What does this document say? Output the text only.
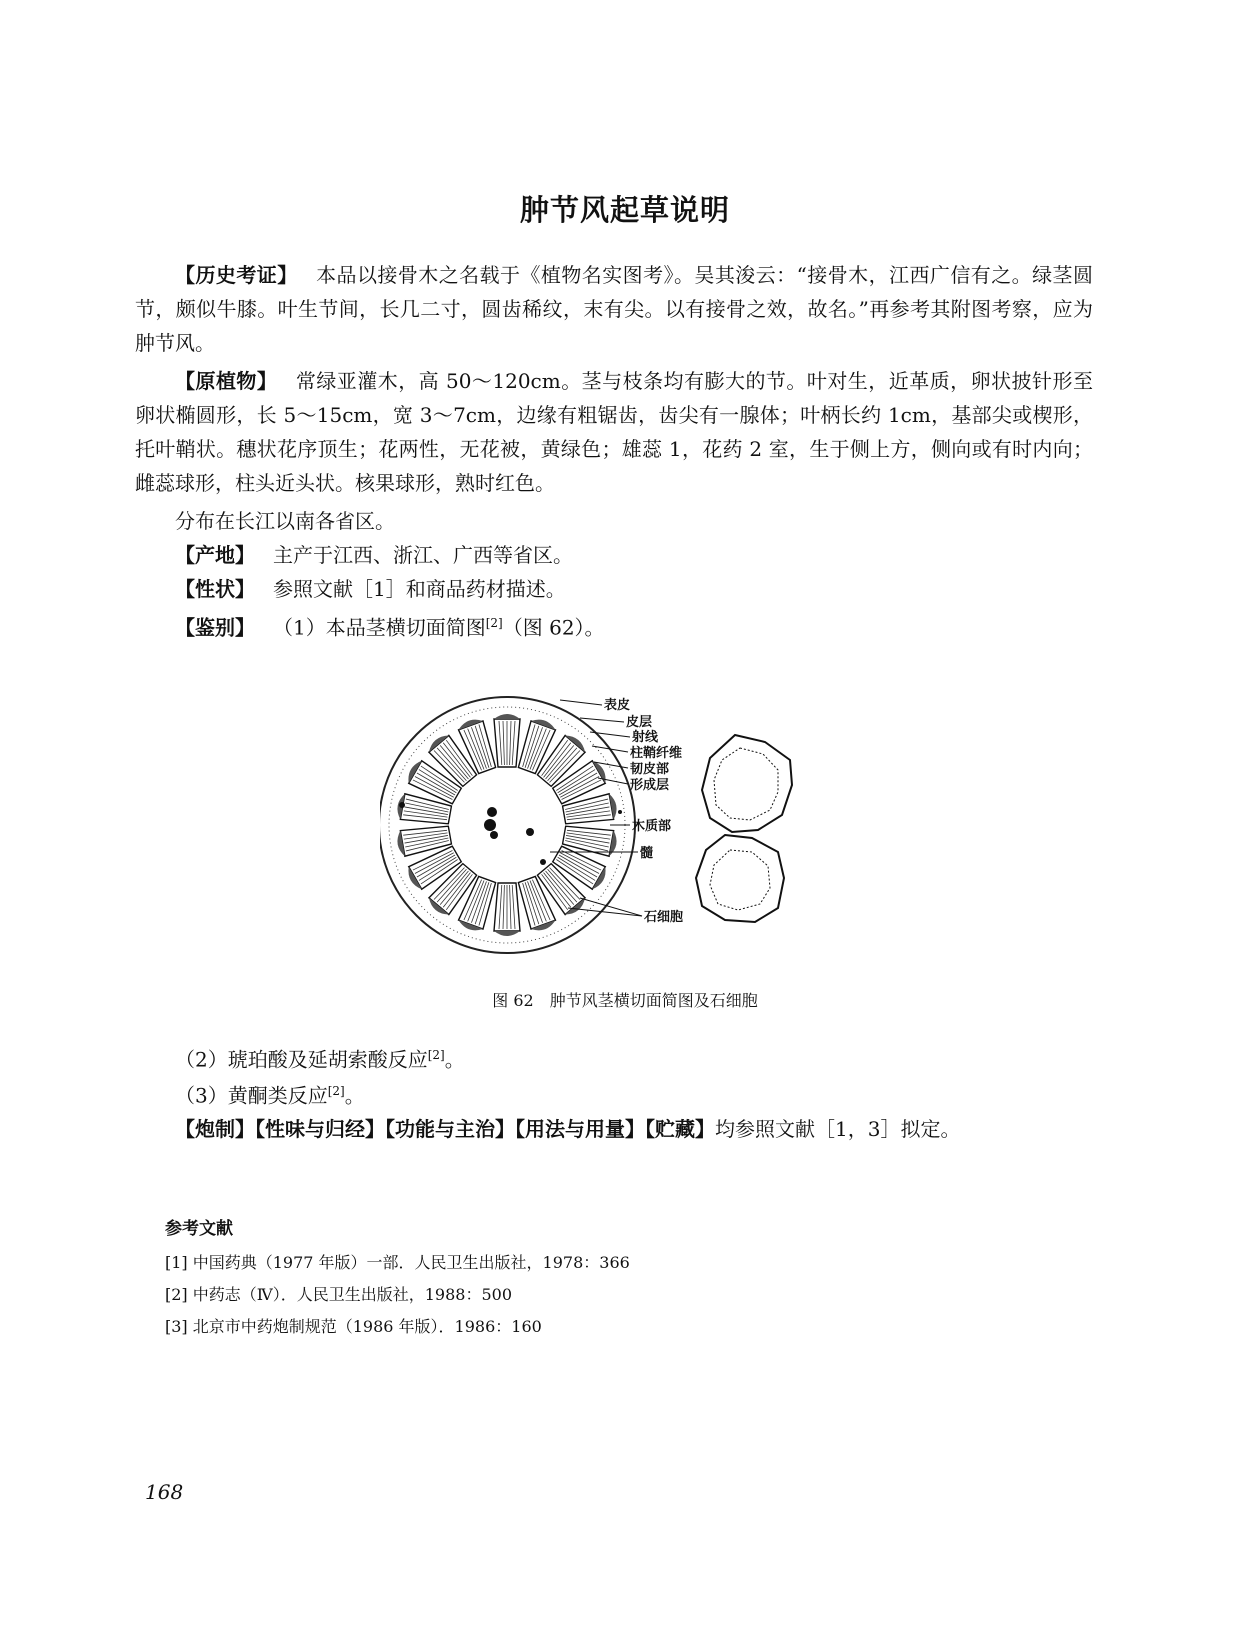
肿节风起草说明
【历史考证】 本品以接骨木之名载于《植物名实图考》。吴其浚云：“接骨木，江西广信有之。绿茎圆节，颇似牛膝。叶生节间，长几二寸，圆齿稀纹，末有尖。以有接骨之效，故名。”再参考其附图考察，应为肿节风。
【原植物】 常绿亚灌木，高 50～120cm。茎与枝条均有膨大的节。叶对生，近革质，卵状披针形至卵状椭圆形，长 5～15cm，宽 3～7cm，边缘有粗锯齿，齿尖有一腺体；叶柄长约 1cm，基部尖或楔形，托叶鞘状。穗状花序顶生；花两性，无花被，黄绿色；雄蕊 1，花药 2 室，生于侧上方，侧向或有时内向；雌蕊球形，柱头近头状。核果球形，熟时红色。
分布在长江以南各省区。
【产地】 主产于江西、浙江、广西等省区。
【性状】 参照文献［1］和商品药材描述。
【鉴别】 （1）本品茎横切面简图[2]（图 62）。
表皮
皮层
射线
柱鞘纤维
韧皮部
形成层
木质部
髓
石细胞
图 62　肿节风茎横切面简图及石细胞
（2）琥珀酸及延胡索酸反应[2]。
（3）黄酮类反应[2]。
【炮制】【性味与归经】【功能与主治】【用法与用量】【贮藏】均参照文献［1，3］拟定。
参考文献
[1] 中国药典（1977 年版）一部．人民卫生出版社，1978：366
[2] 中药志（Ⅳ）．人民卫生出版社，1988：500
[3] 北京市中药炮制规范（1986 年版）．1986：160
168
